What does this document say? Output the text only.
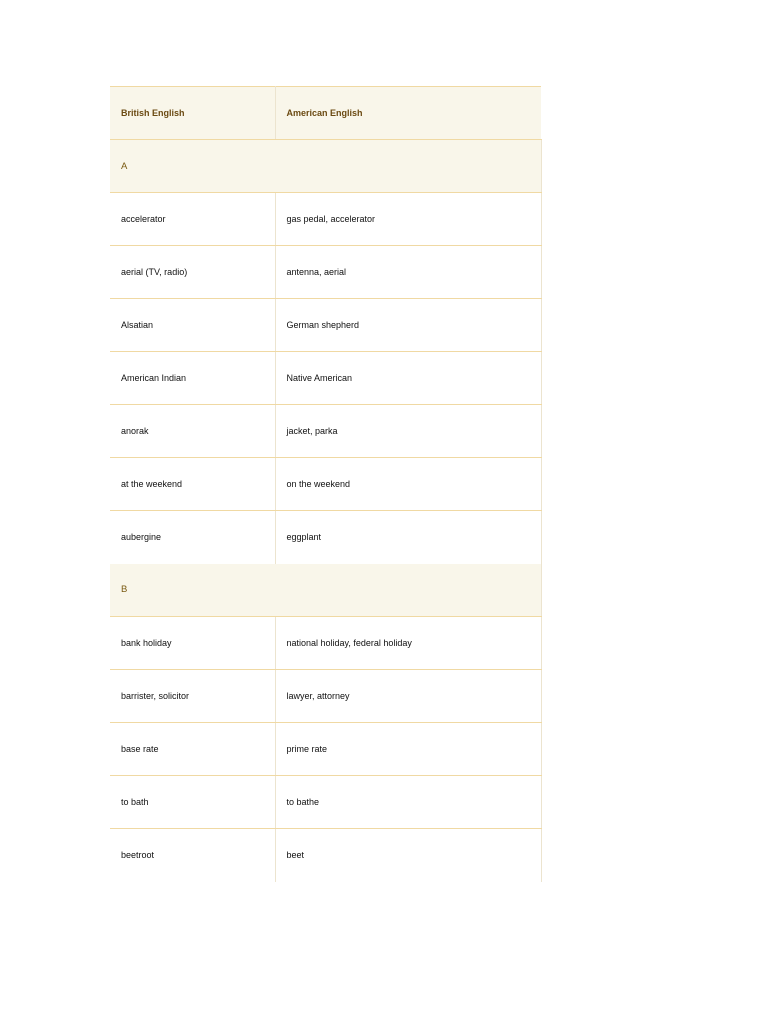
British English	American English
A	
accelerator	gas pedal, accelerator
aerial (TV, radio)	antenna, aerial
Alsatian	German shepherd
American Indian	Native American
anorak	jacket, parka
at the weekend	on the weekend
aubergine	eggplant
B	
bank holiday	national holiday, federal holiday
barrister, solicitor	lawyer, attorney
base rate	prime rate
to bath	to bathe
beetroot	beet
